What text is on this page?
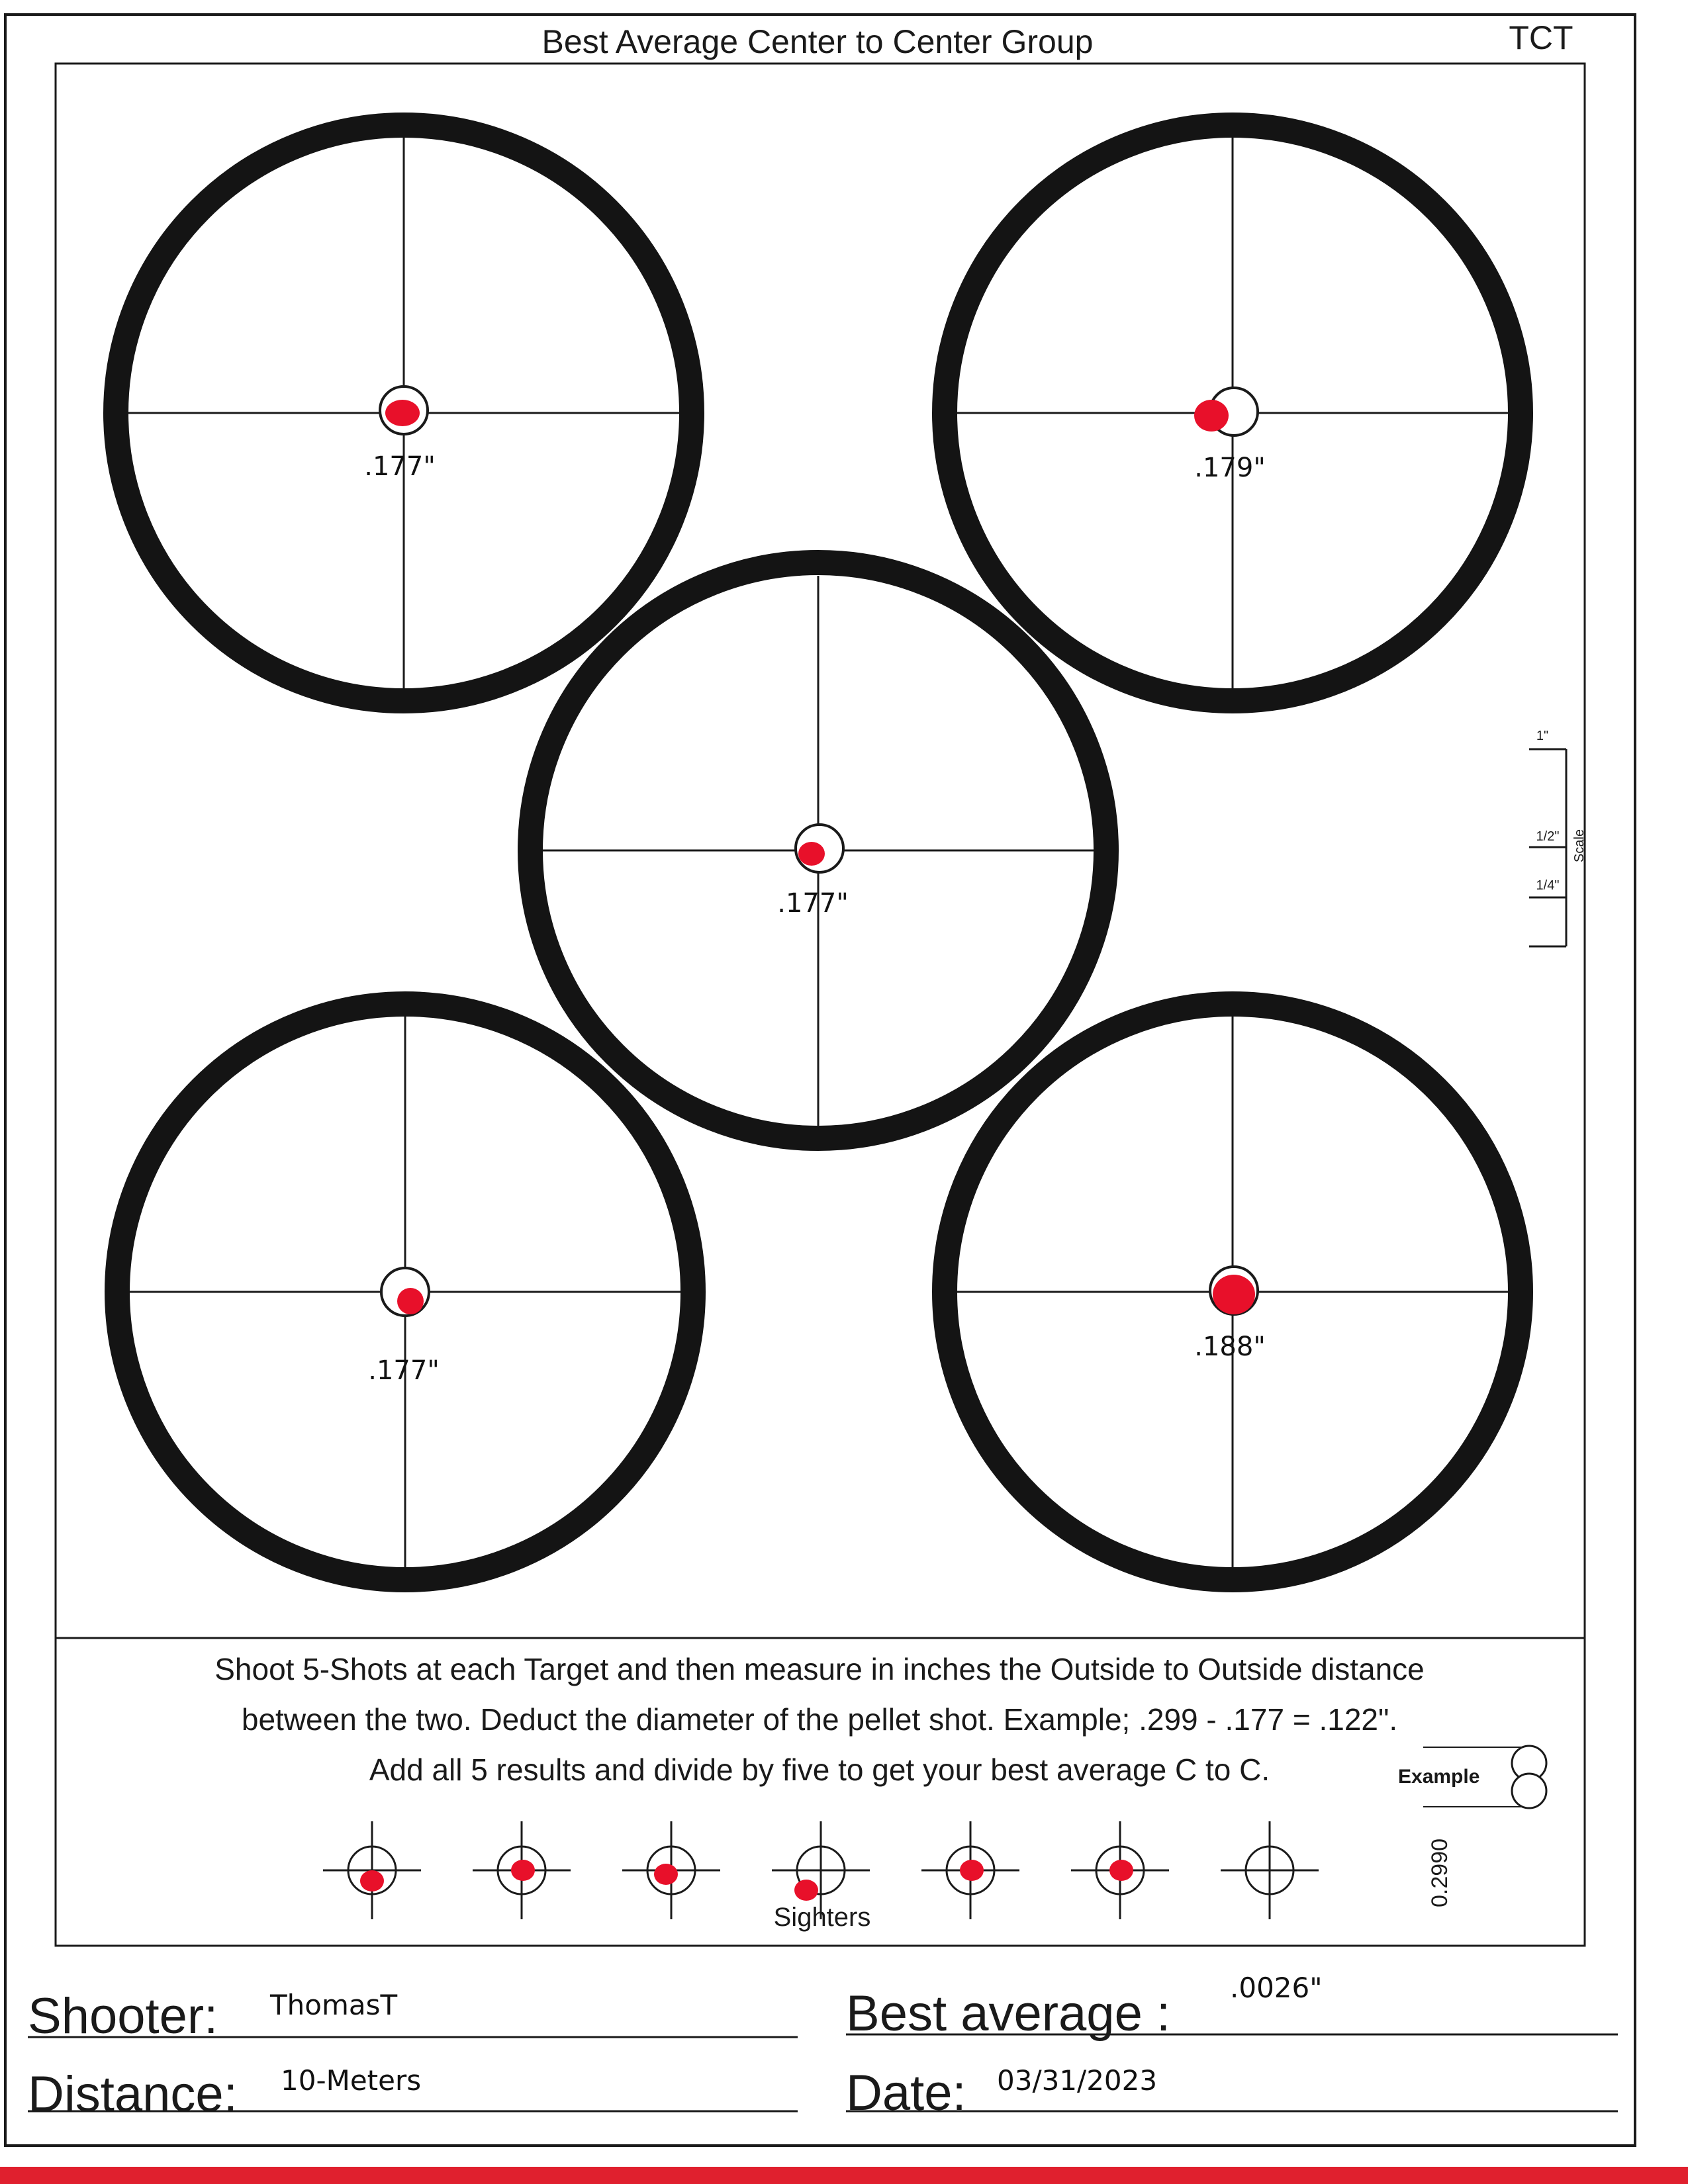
Best Average Center to Center Group	TCT
.177"	.179"
.177"
.177"
.188"
1"
1/2"
1/4"
Scale
Shoot 5-Shots at each Target and then measure in inches the Outside to Outside distance
between the two. Deduct the diameter of the pellet shot. Example; .299 - .177 = .122".
Add all 5 results and divide by five to get your best average C to C.	Example
0.2990
Sighters
Shooter: ThomasT	Best average : .0026"
Distance: 10-Meters	Date: 03/31/2023
